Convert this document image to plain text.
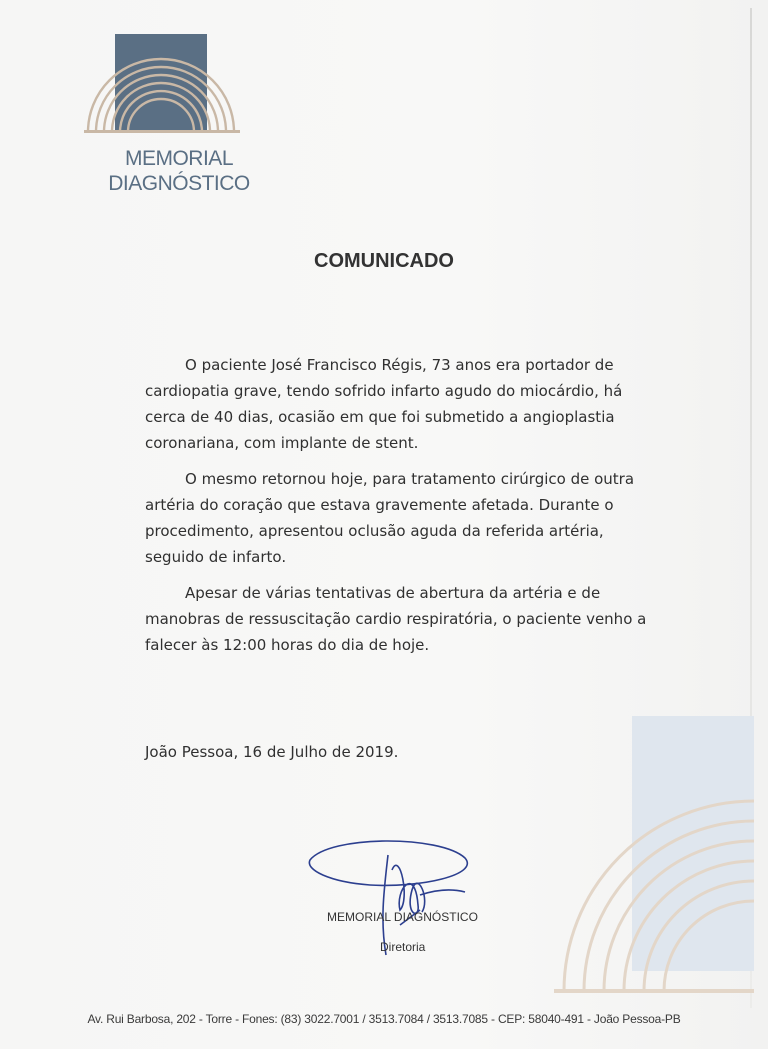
MEMORIAL
DIAGNÓSTICO
COMUNICADO

O paciente José Francisco Régis, 73 anos era portador de cardiopatia grave, tendo sofrido infarto agudo do miocárdio, há cerca de 40 dias, ocasião em que foi submetido a angioplastia coronariana, com implante de stent.

O mesmo retornou hoje, para tratamento cirúrgico de outra artéria do coração que estava gravemente afetada. Durante o procedimento, apresentou oclusão aguda da referida artéria, seguido de infarto.

Apesar de várias tentativas de abertura da artéria e de manobras de ressuscitação cardio respiratória, o paciente venho a falecer às 12:00 horas do dia de hoje.

João Pessoa, 16 de Julho de 2019.
MEMORIAL DIAGNÓSTICO
Diretoria
Av. Rui Barbosa, 202 - Torre - Fones: (83) 3022.7001 / 3513.7084 / 3513.7085 - CEP: 58040-491 - João Pessoa-PB
